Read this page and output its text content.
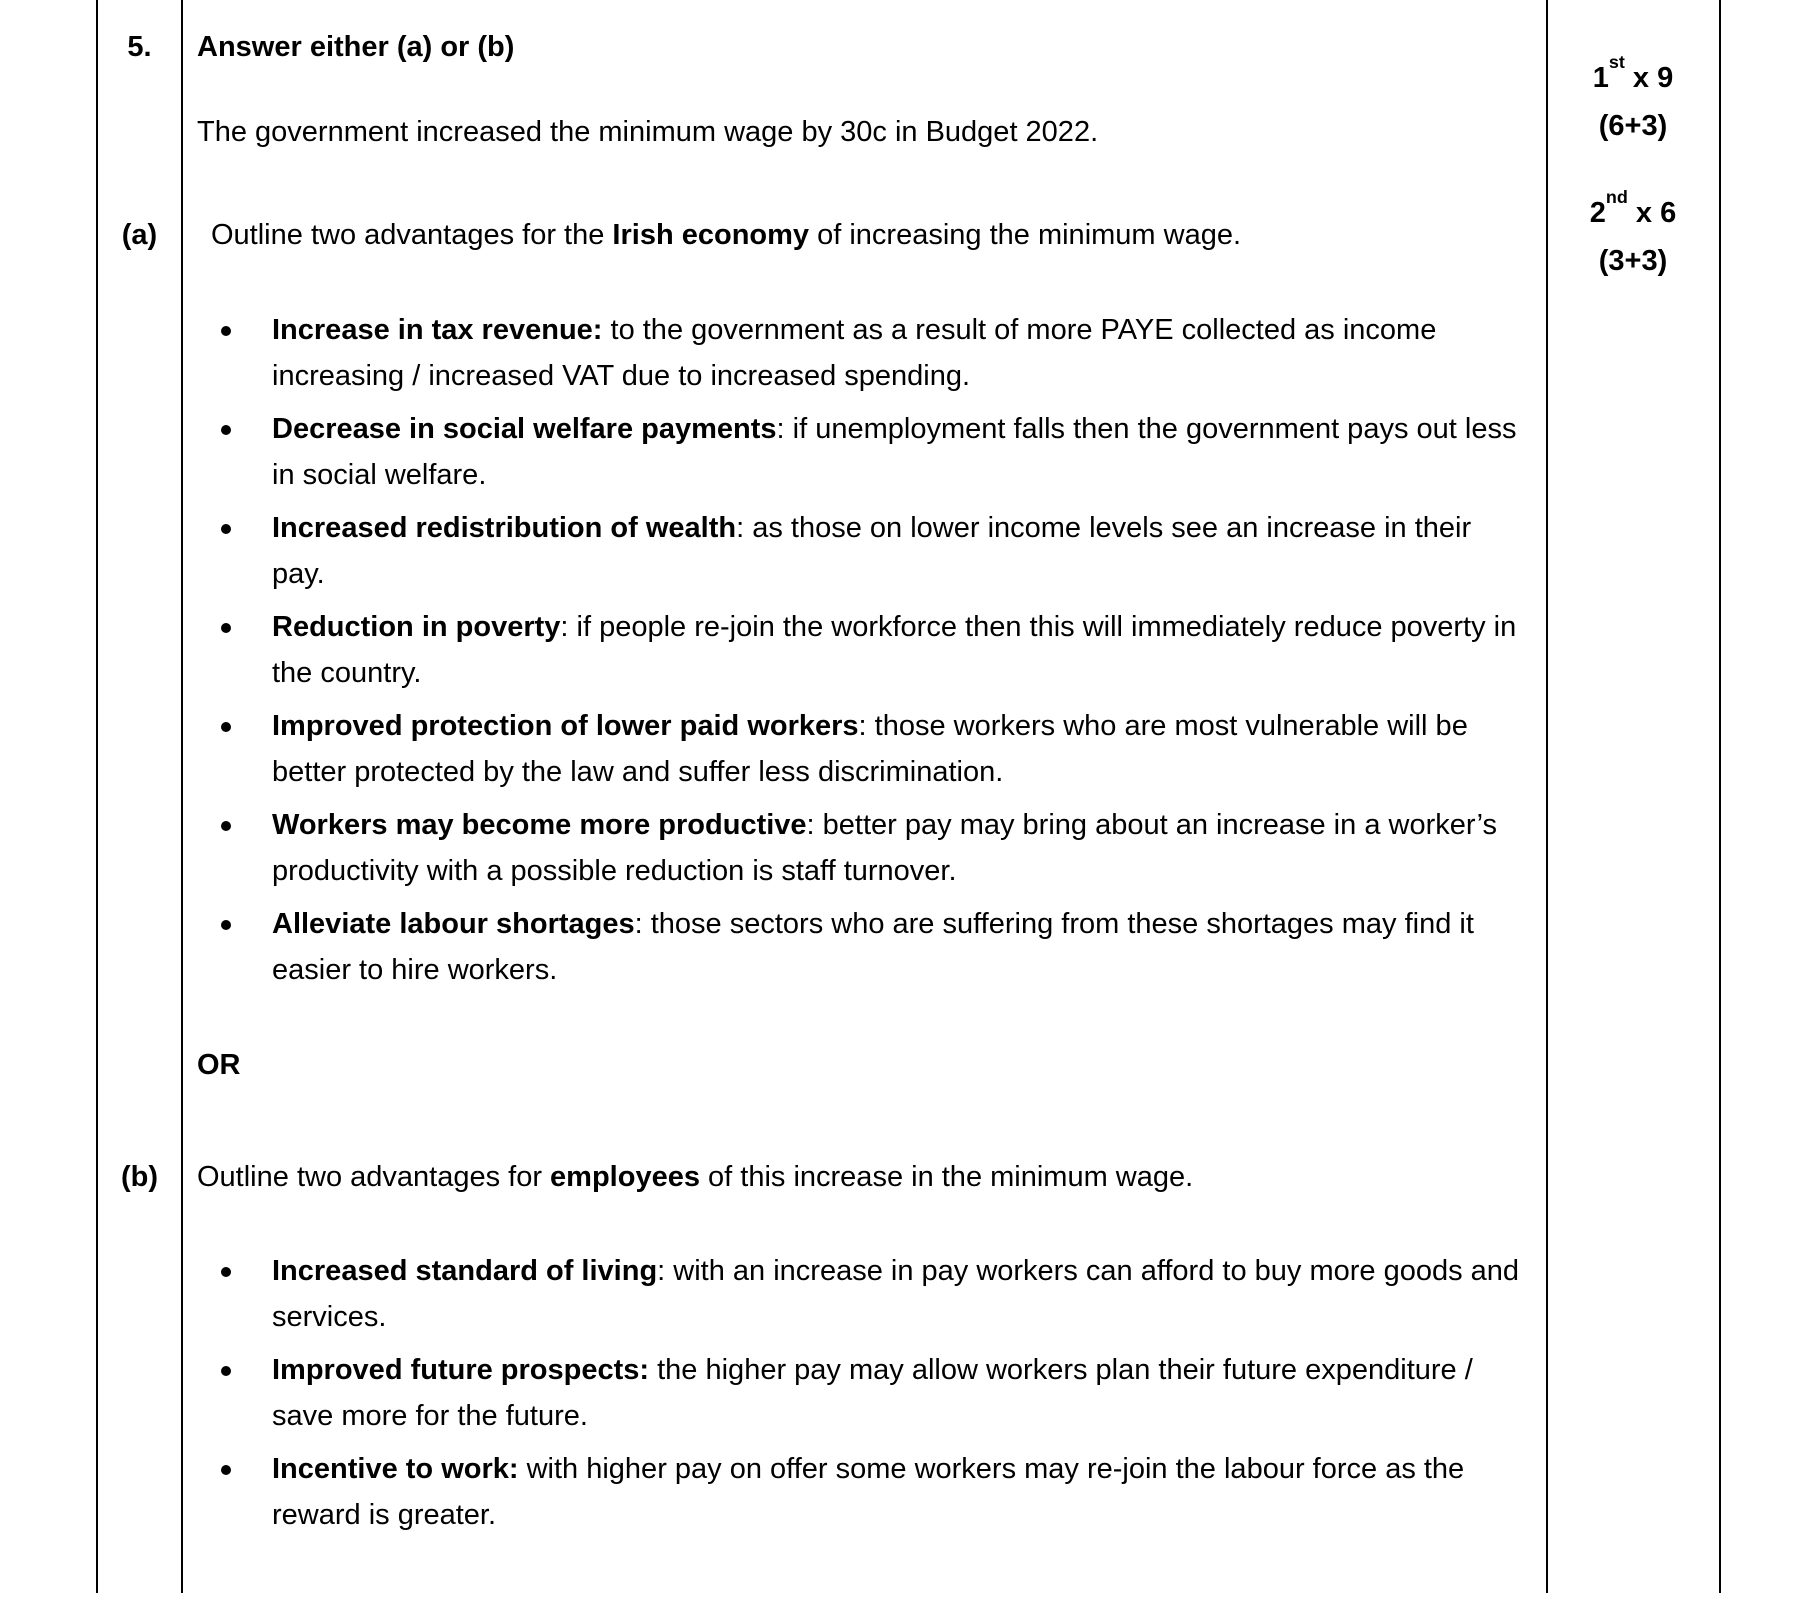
5.
(a)
(b)
Answer either (a) or (b)
The government increased the minimum wage by 30c in Budget 2022.
Outline two advantages for the Irish economy of increasing the minimum wage.
Increase in tax revenue: to the government as a result of more PAYE collected as income increasing / increased VAT due to increased spending.
Decrease in social welfare payments: if unemployment falls then the government pays out less in social welfare.
Increased redistribution of wealth: as those on lower income levels see an increase in their pay.
Reduction in poverty: if people re-join the workforce then this will immediately reduce poverty in the country.
Improved protection of lower paid workers: those workers who are most vulnerable will be better protected by the law and suffer less discrimination.
Workers may become more productive: better pay may bring about an increase in a worker’s productivity with a possible reduction is staff turnover.
Alleviate labour shortages: those sectors who are suffering from these shortages may find it easier to hire workers.
OR
Outline two advantages for employees of this increase in the minimum wage.
Increased standard of living: with an increase in pay workers can afford to buy more goods and services.
Improved future prospects: the higher pay may allow workers plan their future expenditure / save more for the future.
Incentive to work: with higher pay on offer some workers may re-join the labour force as the reward is greater.
1st x 9
(6+3)
2nd x 6
(3+3)
